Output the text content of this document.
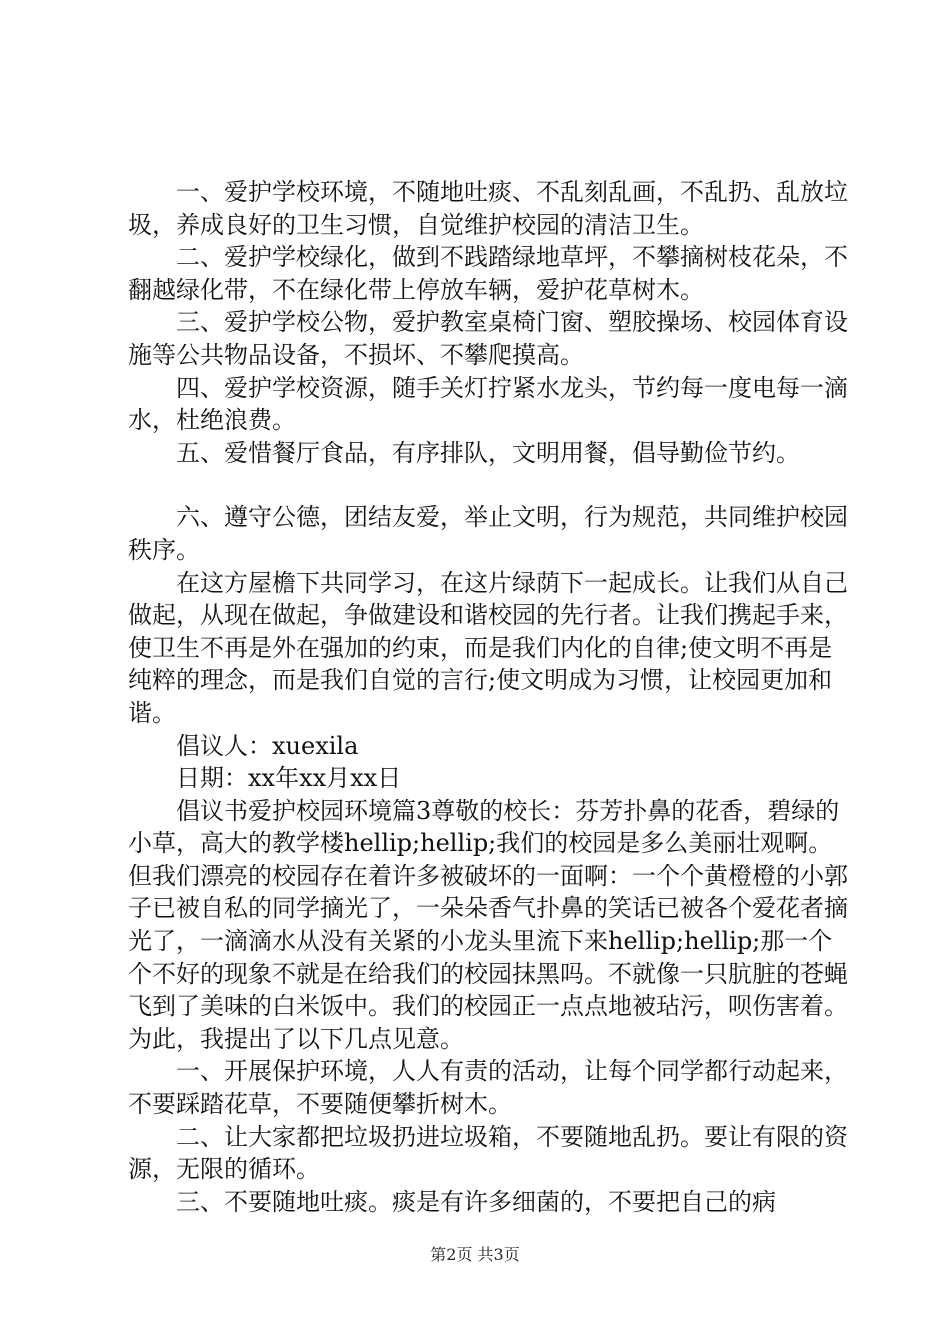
一、爱护学校环境，不随地吐痰、不乱刻乱画，不乱扔、乱放垃圾，养成良好的卫生习惯，自觉维护校园的清洁卫生。

二、爱护学校绿化，做到不践踏绿地草坪，不攀摘树枝花朵，不翻越绿化带，不在绿化带上停放车辆，爱护花草树木。

三、爱护学校公物，爱护教室桌椅门窗、塑胶操场、校园体育设施等公共物品设备，不损坏、不攀爬摸高。

四、爱护学校资源，随手关灯拧紧水龙头，节约每一度电每一滴水，杜绝浪费。

五、爱惜餐厅食品，有序排队，文明用餐，倡导勤俭节约。

六、遵守公德，团结友爱，举止文明，行为规范，共同维护校园秩序。

在这方屋檐下共同学习，在这片绿荫下一起成长。让我们从自己做起，从现在做起，争做建设和谐校园的先行者。让我们携起手来，使卫生不再是外在强加的约束，而是我们内化的自律;使文明不再是纯粹的理念，而是我们自觉的言行;使文明成为习惯，让校园更加和谐。

倡议人：xuexila

日期：xx年xx月xx日

倡议书爱护校园环境篇3尊敬的校长：芬芳扑鼻的花香，碧绿的小草，高大的教学楼hellip;hellip;我们的校园是多么美丽壮观啊。但我们漂亮的校园存在着许多被破坏的一面啊：一个个黄橙橙的小郭子已被自私的同学摘光了，一朵朵香气扑鼻的笑话已被各个爱花者摘光了，一滴滴水从没有关紧的小龙头里流下来hellip;hellip;那一个个不好的现象不就是在给我们的校园抹黑吗。不就像一只肮脏的苍蝇飞到了美味的白米饭中。我们的校园正一点点地被玷污，呗伤害着。为此，我提出了以下几点见意。

一、开展保护环境，人人有责的活动，让每个同学都行动起来，不要踩踏花草，不要随便攀折树木。

二、让大家都把垃圾扔进垃圾箱，不要随地乱扔。要让有限的资源，无限的循环。

三、不要随地吐痰。痰是有许多细菌的，不要把自己的病

第2页 共3页
